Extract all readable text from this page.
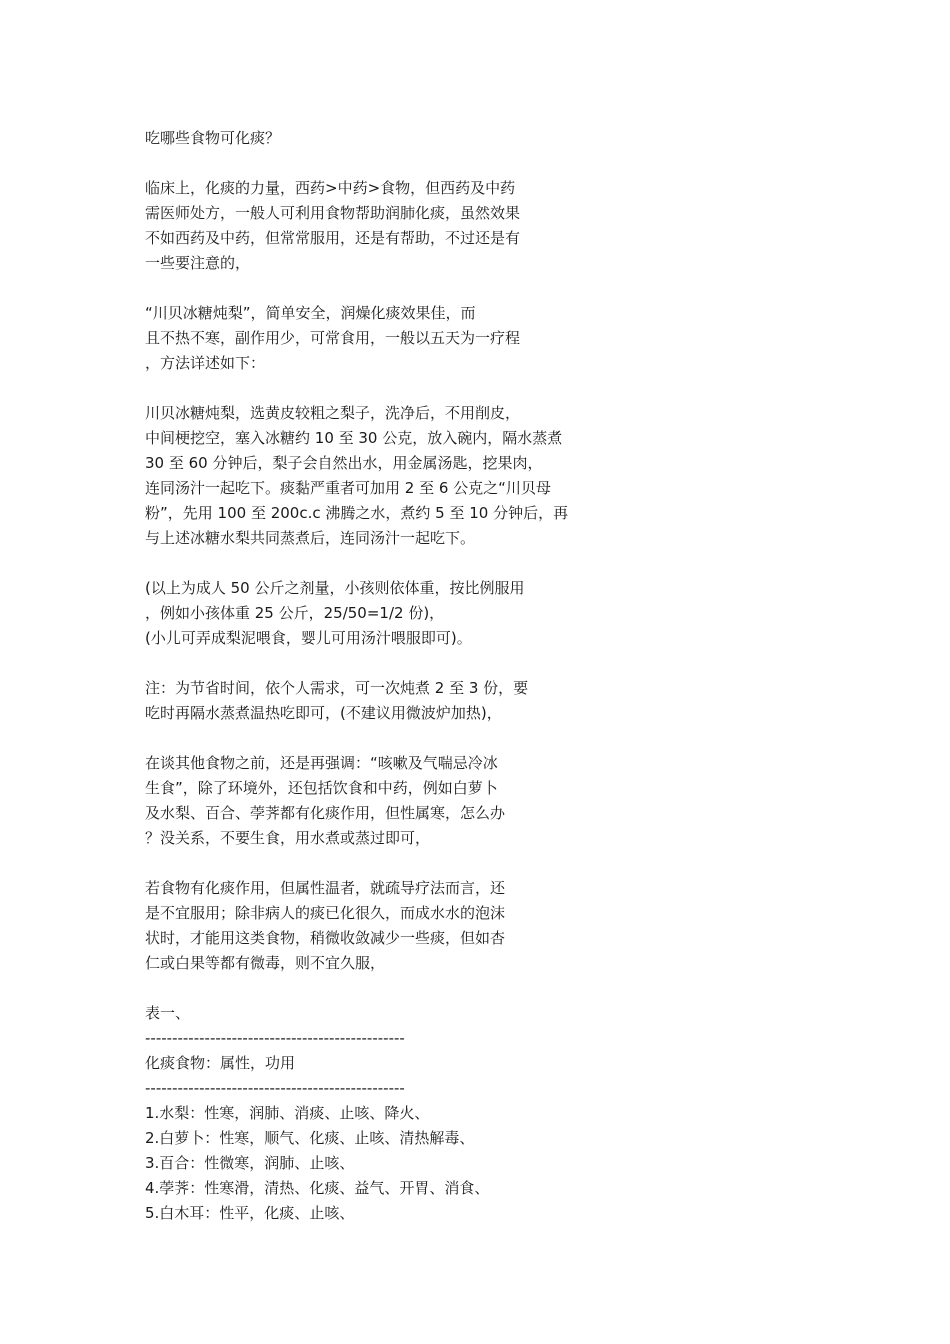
吃哪些食物可化痰？
临床上，化痰的力量，西药>中药>食物，但西药及中药
需医师处方，一般人可利用食物帮助润肺化痰，虽然效果
不如西药及中药，但常常服用，还是有帮助，不过还是有
一些要注意的，
“川贝冰糖炖梨”，简单安全，润燥化痰效果佳，而
且不热不寒，副作用少，可常食用，一般以五天为一疗程
，方法详述如下：
川贝冰糖炖梨，选黄皮较粗之梨子，洗净后，不用削皮，
中间梗挖空，塞入冰糖约 10 至 30 公克，放入碗内，隔水蒸煮
30 至 60 分钟后，梨子会自然出水，用金属汤匙，挖果肉，
连同汤汁一起吃下。痰黏严重者可加用 2 至 6 公克之“川贝母
粉”，先用 100 至 200c.c 沸腾之水，煮约 5 至 10 分钟后，再
与上述冰糖水梨共同蒸煮后，连同汤汁一起吃下。
(以上为成人 50 公斤之剂量，小孩则依体重，按比例服用
，例如小孩体重 25 公斤，25/50=1/2 份)，
(小儿可弄成梨泥喂食，婴儿可用汤汁喂服即可)。
注：为节省时间，依个人需求，可一次炖煮 2 至 3 份，要
吃时再隔水蒸煮温热吃即可，(不建议用微波炉加热)，
在谈其他食物之前，还是再强调：“咳嗽及气喘忌冷冰
生食”，除了环境外，还包括饮食和中药，例如白萝卜
及水梨、百合、荸荠都有化痰作用，但性属寒，怎么办
？没关系，不要生食，用水煮或蒸过即可，
若食物有化痰作用，但属性温者，就疏导疗法而言，还
是不宜服用；除非病人的痰已化很久，而成水水的泡沫
状时，才能用这类食物，稍微收敛减少一些痰，但如杏
仁或白果等都有微毒，则不宜久服，
表一、
------------------------------------------------
化痰食物：属性，功用
------------------------------------------------
1.水梨：性寒，润肺、消痰、止咳、降火、
2.白萝卜：性寒，顺气、化痰、止咳、清热解毒、
3.百合：性微寒，润肺、止咳、
4.荸荠：性寒滑，清热、化痰、益气、开胃、消食、
5.白木耳：性平，化痰、止咳、
